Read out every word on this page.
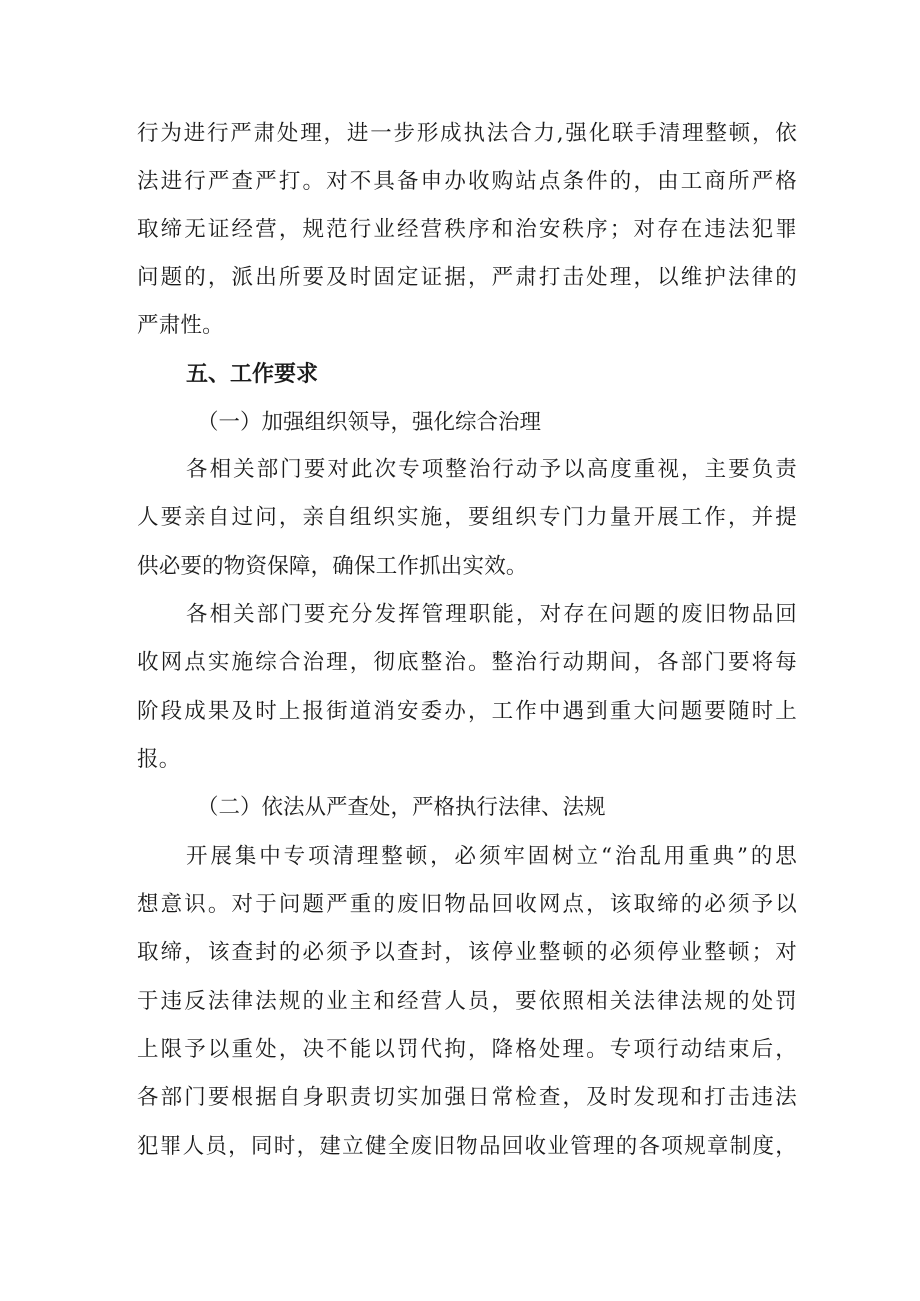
行为进行严肃处理，进一步形成执法合力,强化联手清理整顿，依
法进行严查严打。对不具备申办收购站点条件的，由工商所严格
取缔无证经营，规范行业经营秩序和治安秩序；对存在违法犯罪
问题的，派出所要及时固定证据，严肃打击处理，以维护法律的
严肃性。
五、工作要求
（一）加强组织领导，强化综合治理
各相关部门要对此次专项整治行动予以高度重视，主要负责
人要亲自过问，亲自组织实施，要组织专门力量开展工作，并提
供必要的物资保障，确保工作抓出实效。
各相关部门要充分发挥管理职能，对存在问题的废旧物品回
收网点实施综合治理，彻底整治。整治行动期间，各部门要将每
阶段成果及时上报街道消安委办，工作中遇到重大问题要随时上
报。
（二）依法从严查处，严格执行法律、法规
开展集中专项清理整顿，必须牢固树立“治乱用重典”的思
想意识。对于问题严重的废旧物品回收网点，该取缔的必须予以
取缔，该查封的必须予以查封，该停业整顿的必须停业整顿；对
于违反法律法规的业主和经营人员，要依照相关法律法规的处罚
上限予以重处，决不能以罚代拘，降格处理。专项行动结束后，
各部门要根据自身职责切实加强日常检查，及时发现和打击违法
犯罪人员，同时，建立健全废旧物品回收业管理的各项规章制度，
